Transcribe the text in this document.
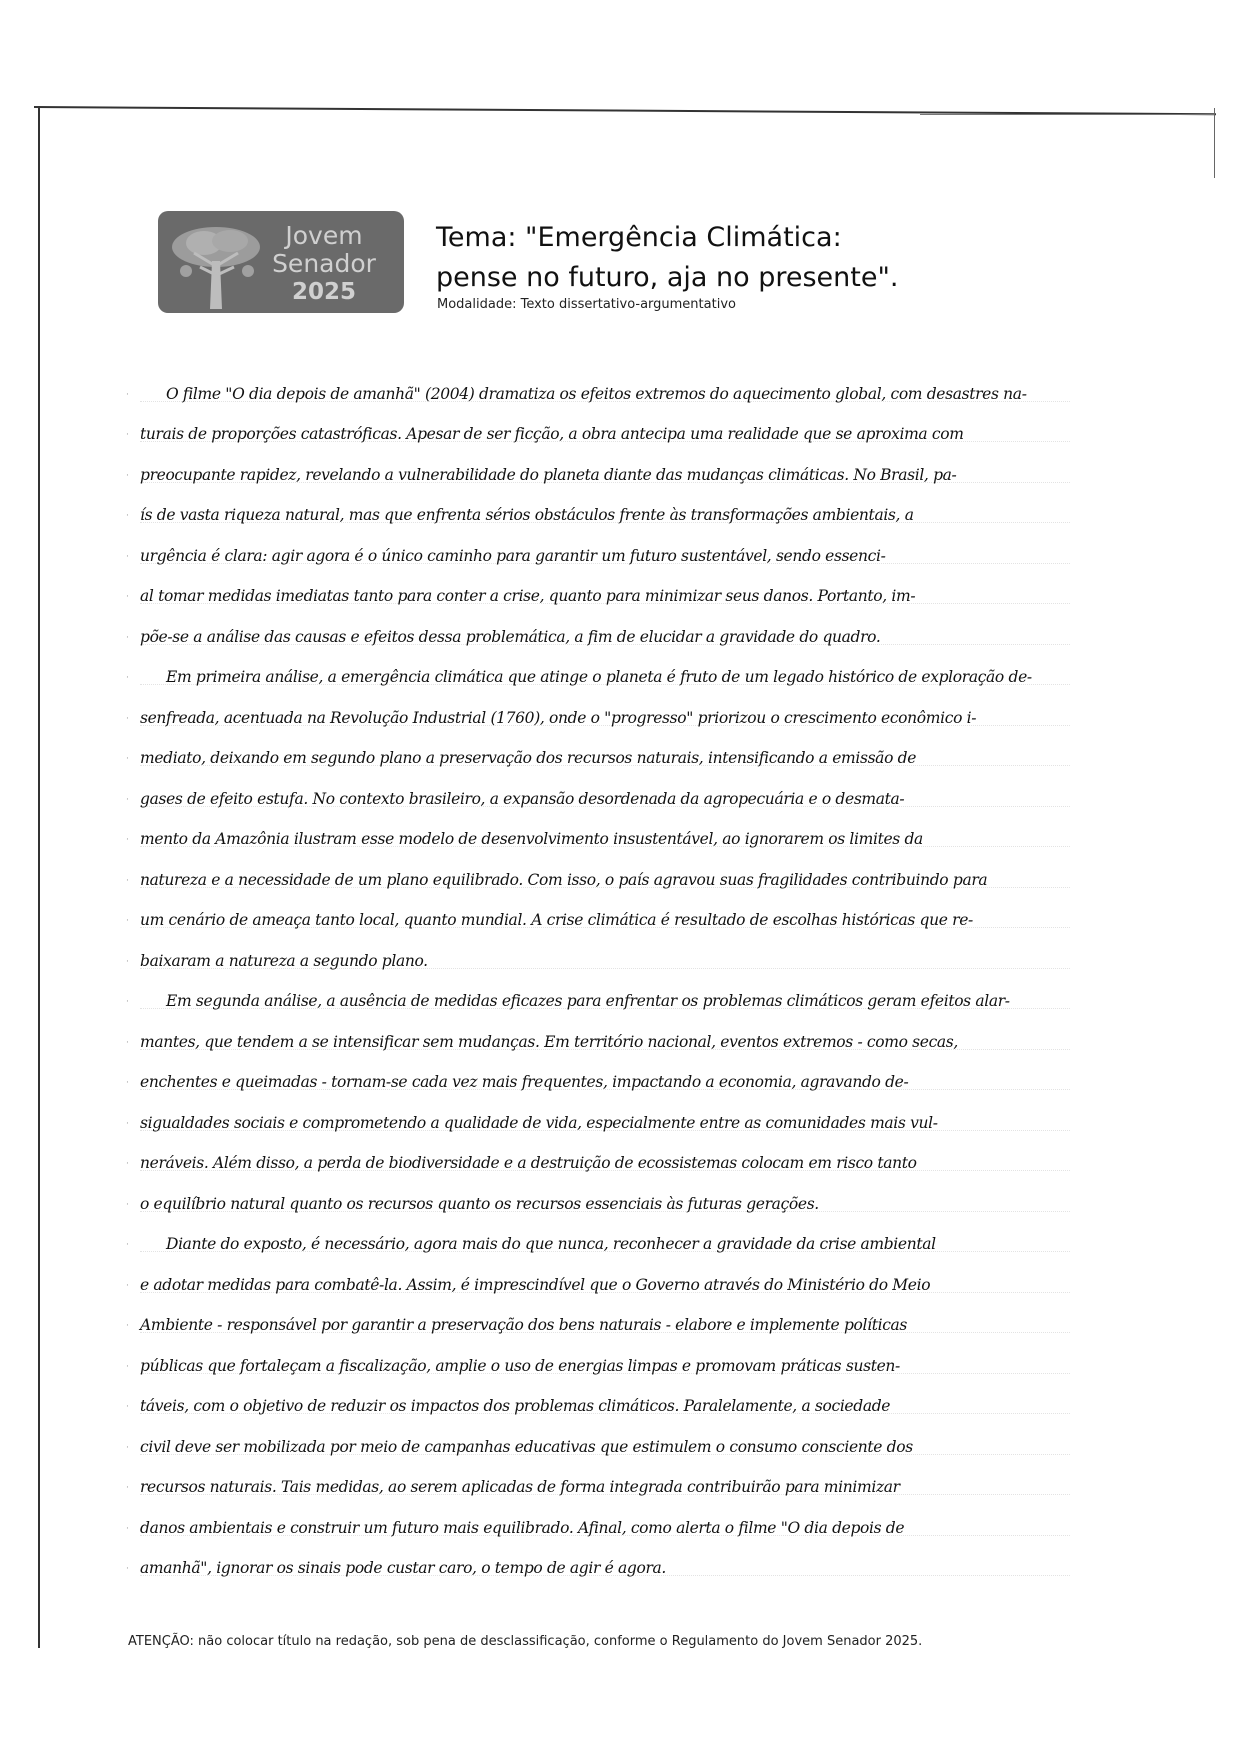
Jovem
Senador
2025
Tema: "Emergência Climática:
pense no futuro, aja no presente".
Modalidade: Texto dissertativo-argumentativo
· O filme "O dia depois de amanhã" (2004) dramatiza os efeitos extremos do aquecimento global, com desastres na-
· turais de proporções catastróficas. Apesar de ser ficção, a obra antecipa uma realidade que se aproxima com
· preocupante rapidez, revelando a vulnerabilidade do planeta diante das mudanças climáticas. No Brasil, pa-
· ís de vasta riqueza natural, mas que enfrenta sérios obstáculos frente às transformações ambientais, a
· urgência é clara: agir agora é o único caminho para garantir um futuro sustentável, sendo essenci-
· al tomar medidas imediatas tanto para conter a crise, quanto para minimizar seus danos. Portanto, im-
· põe-se a análise das causas e efeitos dessa problemática, a fim de elucidar a gravidade do quadro.
· Em primeira análise, a emergência climática que atinge o planeta é fruto de um legado histórico de exploração de-
· senfreada, acentuada na Revolução Industrial (1760), onde o "progresso" priorizou o crescimento econômico i-
· mediato, deixando em segundo plano a preservação dos recursos naturais, intensificando a emissão de
· gases de efeito estufa. No contexto brasileiro, a expansão desordenada da agropecuária e o desmata-
· mento da Amazônia ilustram esse modelo de desenvolvimento insustentável, ao ignorarem os limites da
· natureza e a necessidade de um plano equilibrado. Com isso, o país agravou suas fragilidades contribuindo para
· um cenário de ameaça tanto local, quanto mundial. A crise climática é resultado de escolhas históricas que re-
· baixaram a natureza a segundo plano.
· Em segunda análise, a ausência de medidas eficazes para enfrentar os problemas climáticos geram efeitos alar-
· mantes, que tendem a se intensificar sem mudanças. Em território nacional, eventos extremos - como secas,
· enchentes e queimadas - tornam-se cada vez mais frequentes, impactando a economia, agravando de-
· sigualdades sociais e comprometendo a qualidade de vida, especialmente entre as comunidades mais vul-
· neráveis. Além disso, a perda de biodiversidade e a destruição de ecossistemas colocam em risco tanto
· o equilíbrio natural quanto os recursos quanto os recursos essenciais às futuras gerações.
· Diante do exposto, é necessário, agora mais do que nunca, reconhecer a gravidade da crise ambiental
· e adotar medidas para combatê-la. Assim, é imprescindível que o Governo através do Ministério do Meio
· Ambiente - responsável por garantir a preservação dos bens naturais - elabore e implemente políticas
· públicas que fortaleçam a fiscalização, amplie o uso de energias limpas e promovam práticas susten-
· táveis, com o objetivo de reduzir os impactos dos problemas climáticos. Paralelamente, a sociedade
· civil deve ser mobilizada por meio de campanhas educativas que estimulem o consumo consciente dos
· recursos naturais. Tais medidas, ao serem aplicadas de forma integrada contribuirão para minimizar
· danos ambientais e construir um futuro mais equilibrado. Afinal, como alerta o filme "O dia depois de
· amanhã", ignorar os sinais pode custar caro, o tempo de agir é agora.
ATENÇÃO: não colocar título na redação, sob pena de desclassificação, conforme o Regulamento do Jovem Senador 2025.
